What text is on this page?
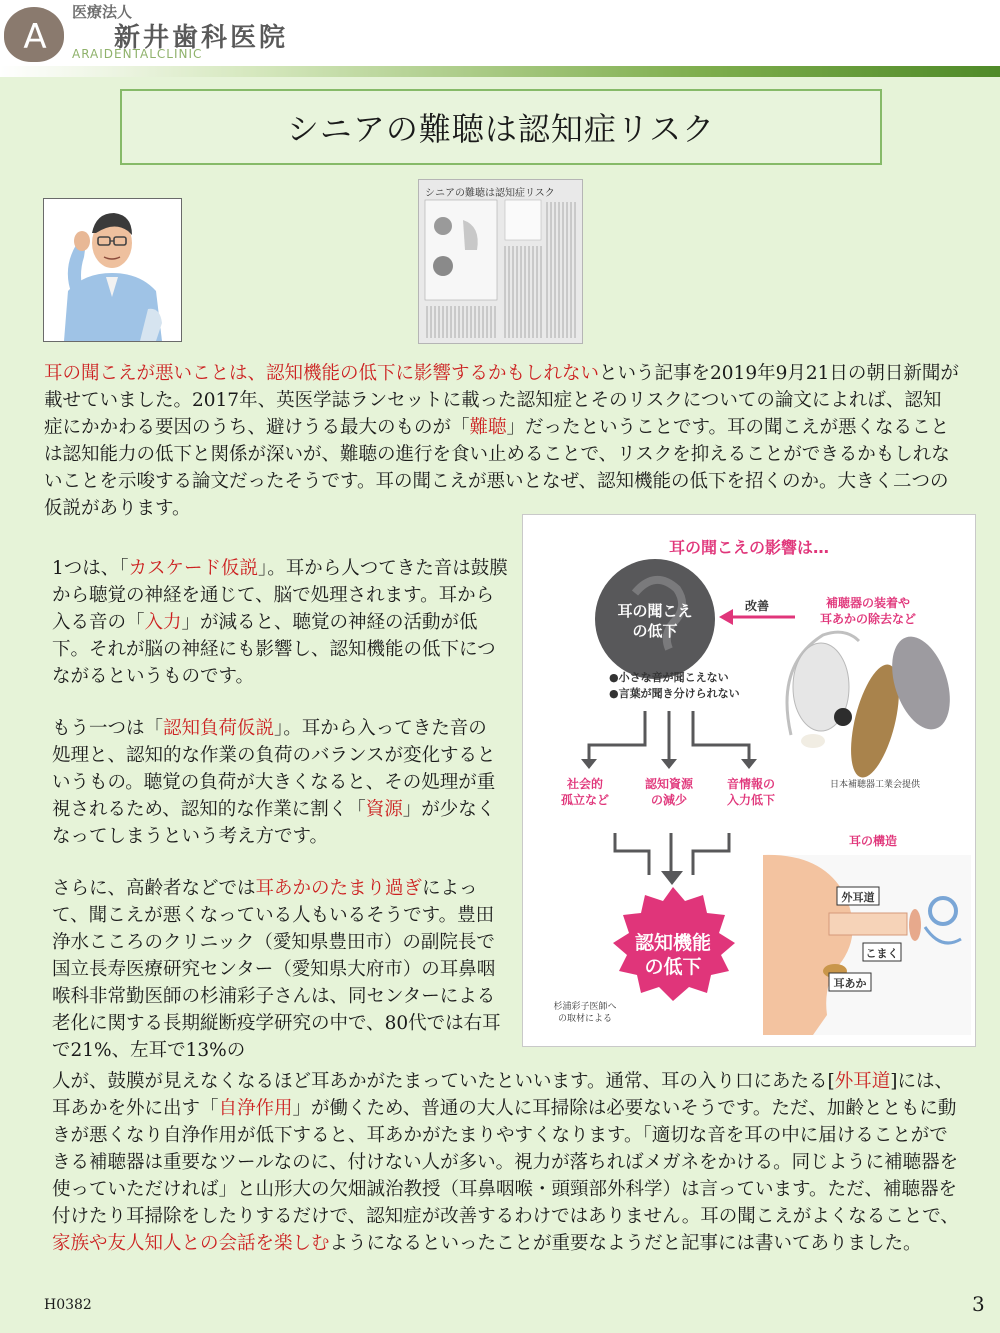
A
医療法人
新井歯科医院
ARAIDENTALCLINIC
シニアの難聴は認知症リスク
シニアの難聴は認知症リスク

耳の聞こえが悪いことは、認知機能の低下に影響するかもしれないという記事を2019年9月21日の朝日新聞が載せていました。2017年、英医学誌ランセットに載った認知症とそのリスクについての論文によれば、認知症にかかわる要因のうち、避けうる最大のものが「難聴」だったということです。耳の聞こえが悪くなることは認知能力の低下と関係が深いが、難聴の進行を食い止めることで、リスクを抑えることができるかもしれないことを示唆する論文だったそうです。耳の聞こえが悪いとなぜ、認知機能の低下を招くのか。大きく二つの仮説があります。

1つは、「カスケード仮説」。耳から人つてきた音は鼓膜から聴覚の神経を通じて、脳で処理されます。耳から入る音の「入力」が減ると、聴覚の神経の活動が低下。それが脳の神経にも影響し、認知機能の低下につながるというものです。

もう一つは「認知負荷仮説」。耳から入ってきた音の処理と、認知的な作業の負荷のバランスが変化するというもの。聴覚の負荷が大きくなると、その処理が重視されるため、認知的な作業に割く「資源」が少なくなってしまうという考え方です。

さらに、高齢者などでは耳あかのたまり過ぎによって、聞こえが悪くなっている人もいるそうです。豊田浄水こころのクリニック（愛知県豊田市）の副院長で国立長寿医療研究センター（愛知県大府市）の耳鼻咽喉科非常勤医師の杉浦彩子さんは、同センターによる老化に関する長期縦断疫学研究の中で、80代では右耳で21%、左耳で13%の

人が、鼓膜が見えなくなるほど耳あかがたまっていたといいます。通常、耳の入り口にあたる[外耳道]には、耳あかを外に出す「自浄作用」が働くため、普通の大人に耳掃除は必要ないそうです。ただ、加齢とともに動きが悪くなり自浄作用が低下すると、耳あかがたまりやすくなります。「適切な音を耳の中に届けることができる補聴器は重要なツールなのに、付けない人が多い。視力が落ちればメガネをかける。同じように補聴器を使っていただければ」と山形大の欠畑誠治教授（耳鼻咽喉・頭頸部外科学）は言っています。ただ、補聴器を付けたり耳掃除をしたりするだけで、認知症が改善するわけではありません。耳の聞こえがよくなることで、家族や友人知人との会話を楽しむようになるといったことが重要なようだと記事には書いてありました。

耳の聞こえの影響は…
耳の聞こえ
の低下
改善	補聴器の装着や
耳あかの除去など
日本補聴器工業会提供
●小さな音が聞こえない
●言葉が聞き分けられない
社会的
孤立など
認知資源
の減少
音情報の
入力低下
認知機能
の低下
杉浦彩子医師へ
の取材による
耳の構造
外耳道
こまく
耳あか
H0382	3
